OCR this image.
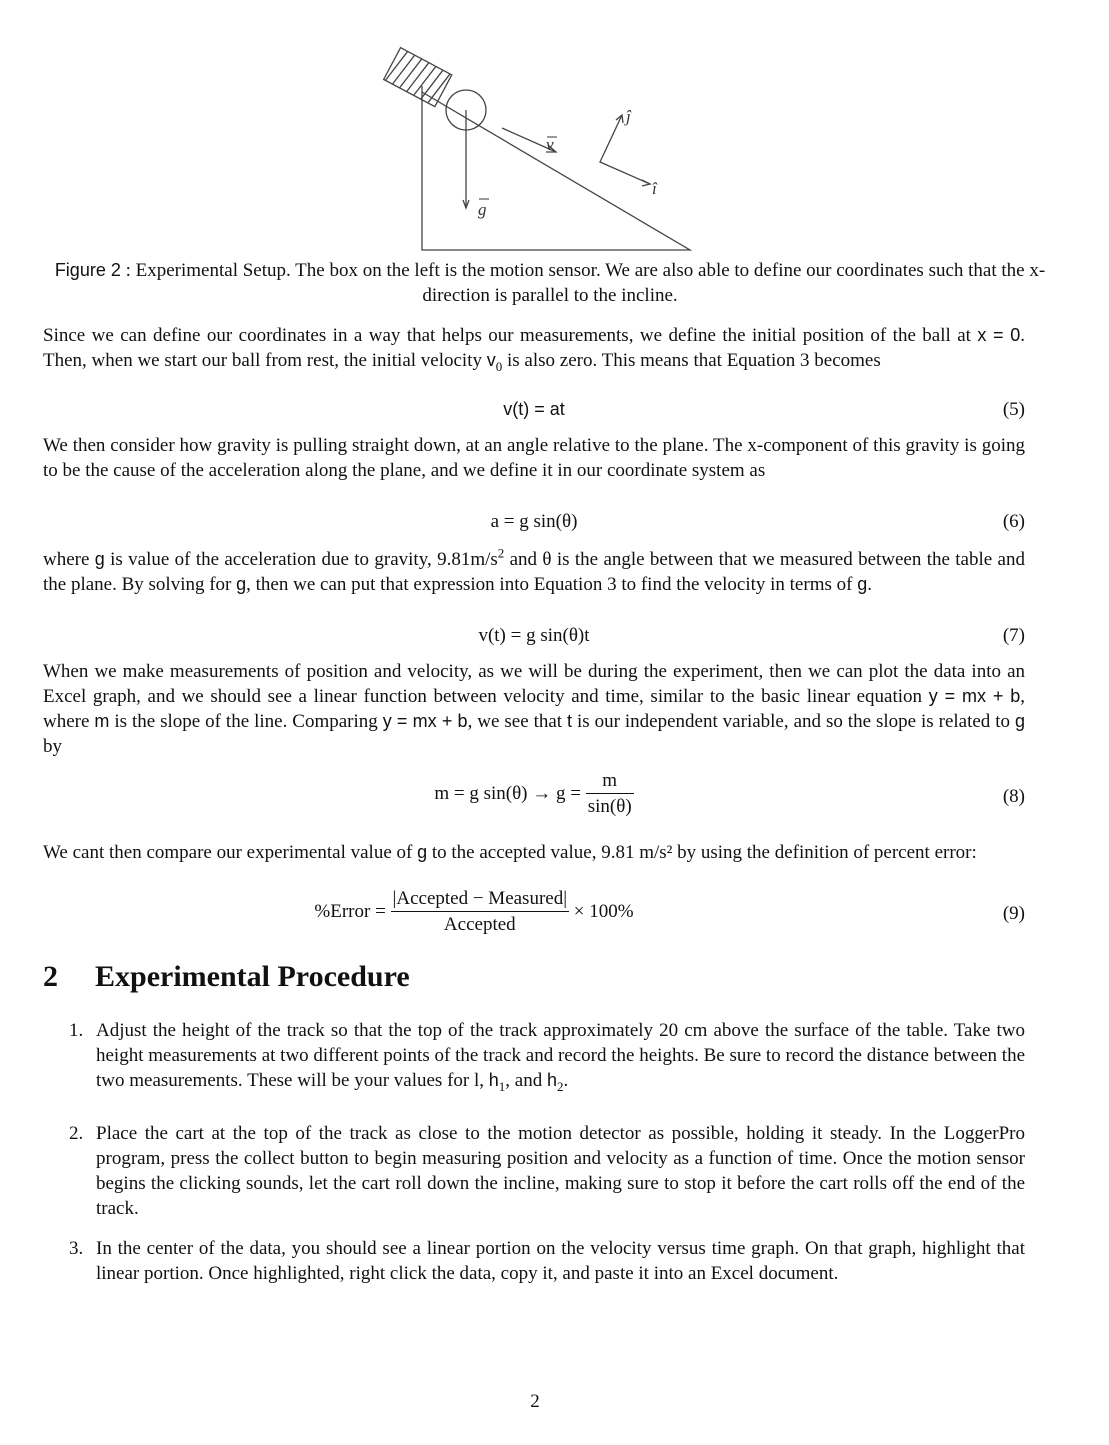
v
g
î
ĵ
Figure 2 : Experimental Setup. The box on the left is the motion sensor. We are also able to define our coordinates such that the x-direction is parallel to the incline.
Since we can define our coordinates in a way that helps our measurements, we define the initial position of the ball at x = 0. Then, when we start our ball from rest, the initial velocity $v_0$ is also zero. This means that Equation 3 becomes
v(t) = at	(5)
We then consider how gravity is pulling straight down, at an angle relative to the plane. The x-component of this gravity is going to be the cause of the acceleration along the plane, and we define it in our coordinate system as
a = g sin(θ)	(6)
where g is value of the acceleration due to gravity, $9.81m/s^2$ and θ is the angle between that we measured between the table and the plane. By solving for g, then we can put that expression into Equation 3 to find the velocity in terms of g.
v(t) = g sin(θ)t	(7)
When we make measurements of position and velocity, as we will be during the experiment, then we can plot the data into an Excel graph, and we should see a linear function between velocity and time, similar to the basic linear equation y = mx + b, where m is the slope of the line. Comparing y = mx + b, we see that t is our independent variable, and so the slope is related to g by
m = g $\sin(\theta) \to g = \frac{m}{\sin(\theta)}$	(8)
We cant then compare our experimental value of g to the accepted value, 9.81 m/s² by using the definition of percent error:
%Error = $\frac{\text{|Accepted − Measured|}}{\text{Accepted}} \times 100\%$	(9)
2 Experimental Procedure
1. Adjust the height of the track so that the top of the track approximately 20 cm above the surface of the table. Take two height measurements at two different points of the track and record the heights. Be sure to record the distance between the two measurements. These will be your values for l, $h_1$, and $h_2$.
2. Place the cart at the top of the track as close to the motion detector as possible, holding it steady. In the LoggerPro program, press the collect button to begin measuring position and velocity as a function of time. Once the motion sensor begins the clicking sounds, let the cart roll down the incline, making sure to stop it before the cart rolls off the end of the track.
3. In the center of the data, you should see a linear portion on the velocity versus time graph. On that graph, highlight that linear portion. Once highlighted, right click the data, copy it, and paste it into an Excel document.
2
